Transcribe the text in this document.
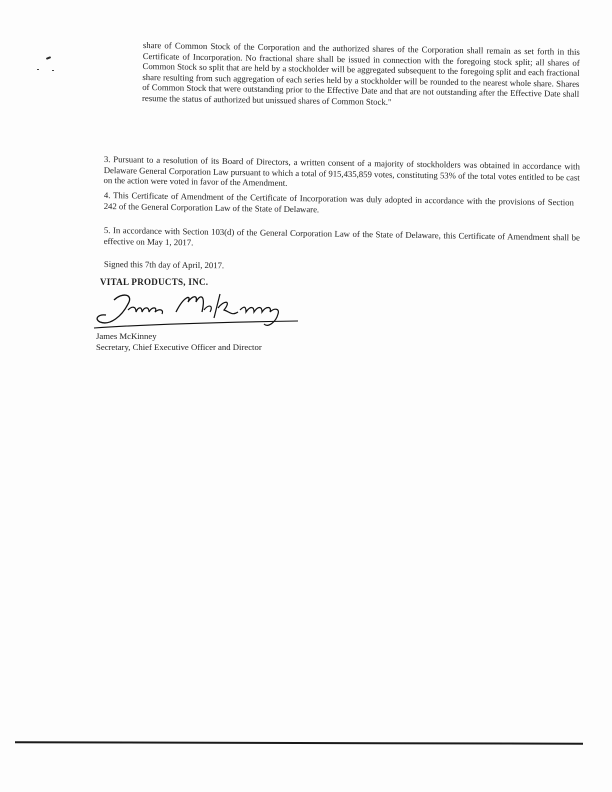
share of Common Stock of the Corporation and the authorized shares of the Corporation shall remain as set forth in this Certificate of Incorporation. No fractional share shall be issued in connection with the foregoing stock split; all shares of Common Stock so split that are held by a stockholder will be aggregated subsequent to the foregoing split and each fractional share resulting from such aggregation of each series held by a stockholder will be rounded to the nearest whole share. Shares of Common Stock that were outstanding prior to the Effective Date and that are not outstanding after the Effective Date shall resume the status of authorized but unissued shares of Common Stock."

3. Pursuant to a resolution of its Board of Directors, a written consent of a majority of stockholders was obtained in accordance with Delaware General Corporation Law pursuant to which a total of 915,435,859 votes, constituting 53% of the total votes entitled to be cast on the action were voted in favor of the Amendment.

4. This Certificate of Amendment of the Certificate of Incorporation was duly adopted in accordance with the provisions of Section 242 of the General Corporation Law of the State of Delaware.

5. In accordance with Section 103(d) of the General Corporation Law of the State of Delaware, this Certificate of Amendment shall be effective on May 1, 2017.

Signed this 7th day of April, 2017.
VITAL PRODUCTS, INC.
James McKinney
Secretary, Chief Executive Officer and Director
